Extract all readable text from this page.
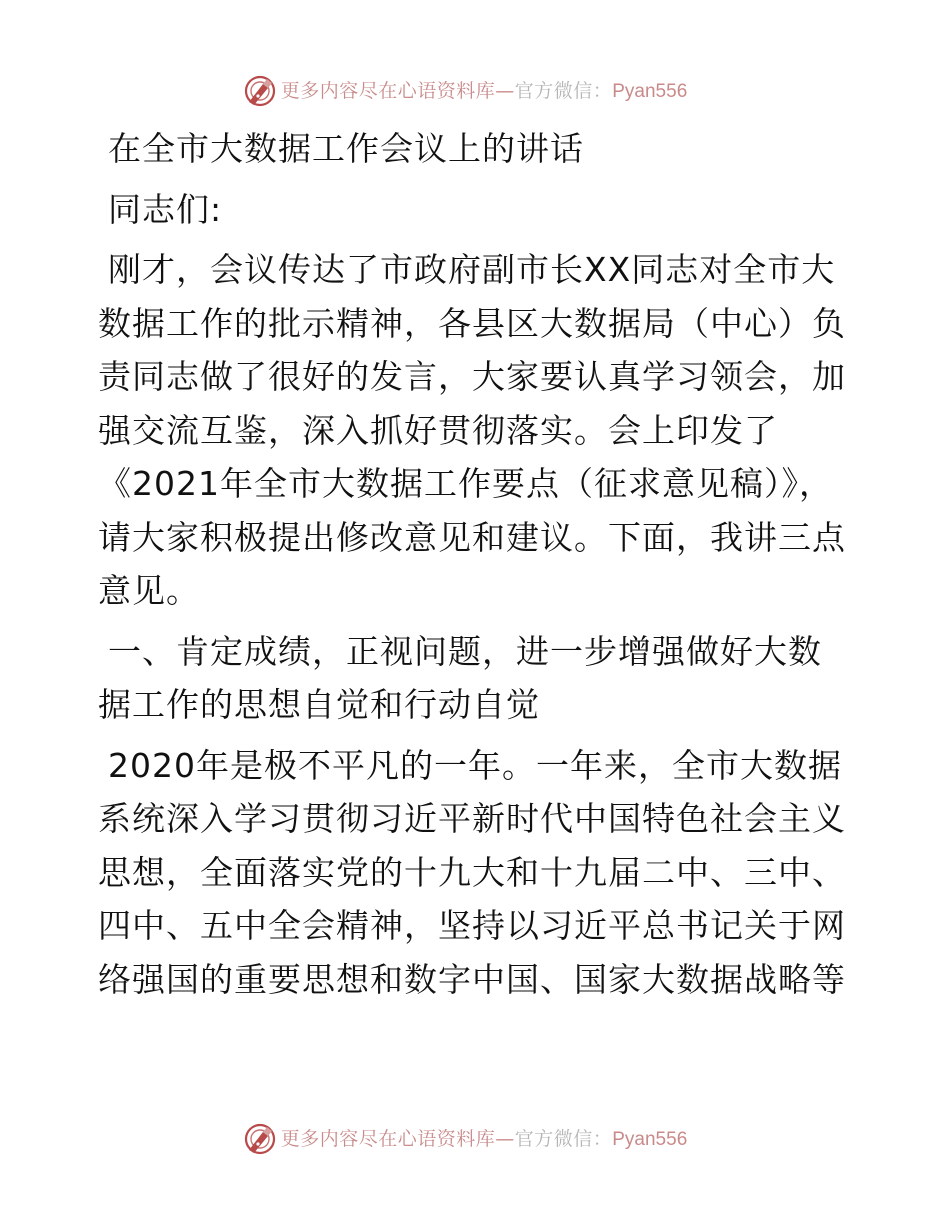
更多内容尽在心语资料库—官方微信：Pyan556

在全市大数据工作会议上的讲话

同志们:

刚才，会议传达了市政府副市长XX同志对全市大
数据工作的批示精神，各县区大数据局（中心）负
责同志做了很好的发言，大家要认真学习领会，加
强交流互鉴，深入抓好贯彻落实。会上印发了
《2021年全市大数据工作要点（征求意见稿）》，
请大家积极提出修改意见和建议。下面，我讲三点
意见。

一、肯定成绩，正视问题，进一步增强做好大数
据工作的思想自觉和行动自觉

2020年是极不平凡的一年。一年来，全市大数据
系统深入学习贯彻习近平新时代中国特色社会主义
思想，全面落实党的十九大和十九届二中、三中、
四中、五中全会精神，坚持以习近平总书记关于网
络强国的重要思想和数字中国、国家大数据战略等

更多内容尽在心语资料库—官方微信：Pyan556
